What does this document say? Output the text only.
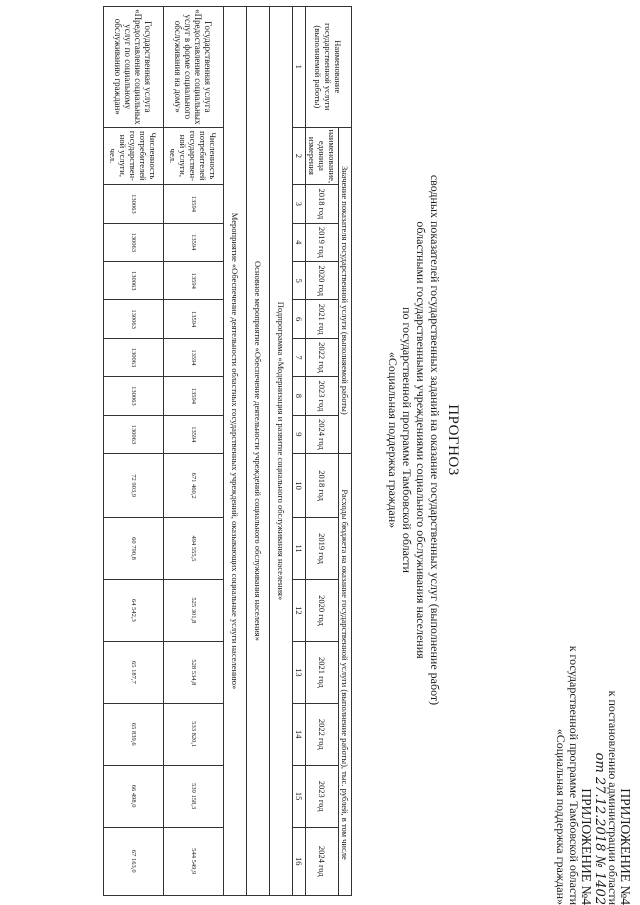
ПРИЛОЖЕНИЕ №4
к постановлению администрации области
от 27.12.2018 № 1402
ПРИЛОЖЕНИЕ №4
к государственной программе Тамбовской области
«Социальная поддержка граждан»
ПРОГНОЗ
сводных показателей государственных заданий на оказание государственных услуг (выполнение работ)
областными государственными учреждениями социального обслуживания населения
по государственной программе Тамбовской области
«Социальная поддержка граждан»
Наименование государственной услуги (выполняемой работы)	Значение показателя государственной услуги (выполняемой работы)								Расходы бюджета на оказание государственной услуги (выполнение работы), тыс. рублей, в том числе						
	наименование, единица измерения	2018 год	2019 год	2020 год	2021 год	2022 год	2023 год	2024 год	2018 год	2019 год	2020 год	2021 год	2022 год	2023 год	2024 год
1	2	3	4	5	6	7	8	9	10	11	12	13	14	15	16
Подпрограмма «Модернизация и развитие социального обслуживания населения»															
Основное мероприятие «Обеспечение деятельности учреждений социального обслуживания населения»															
Мероприятие «Обеспечение деятельности областных государственных учреждений, оказывающих социальные услуги населению»															
Государственная услуга «Предоставление социальных услуг в форме социального обслуживания на дому»	Численность потребителей государствен-ной услуги, чел.	13594	13594	13594	13594	13594	13594	13594	671 460,2	494 555,5	525 301,8	528 534,8	533 820,1	539 158,3	544 549,9
Государственная услуга «Предоставление социальных услуг по социальному обслуживанию граждан»	Численность потребителей государствен-ной услуги, чел.	130063	130063	130063	130063	130063	130063	130063	72 903,9	60 790,8	64 542,3	65 187,7	65 839,6	66 498,0	67 163,0
